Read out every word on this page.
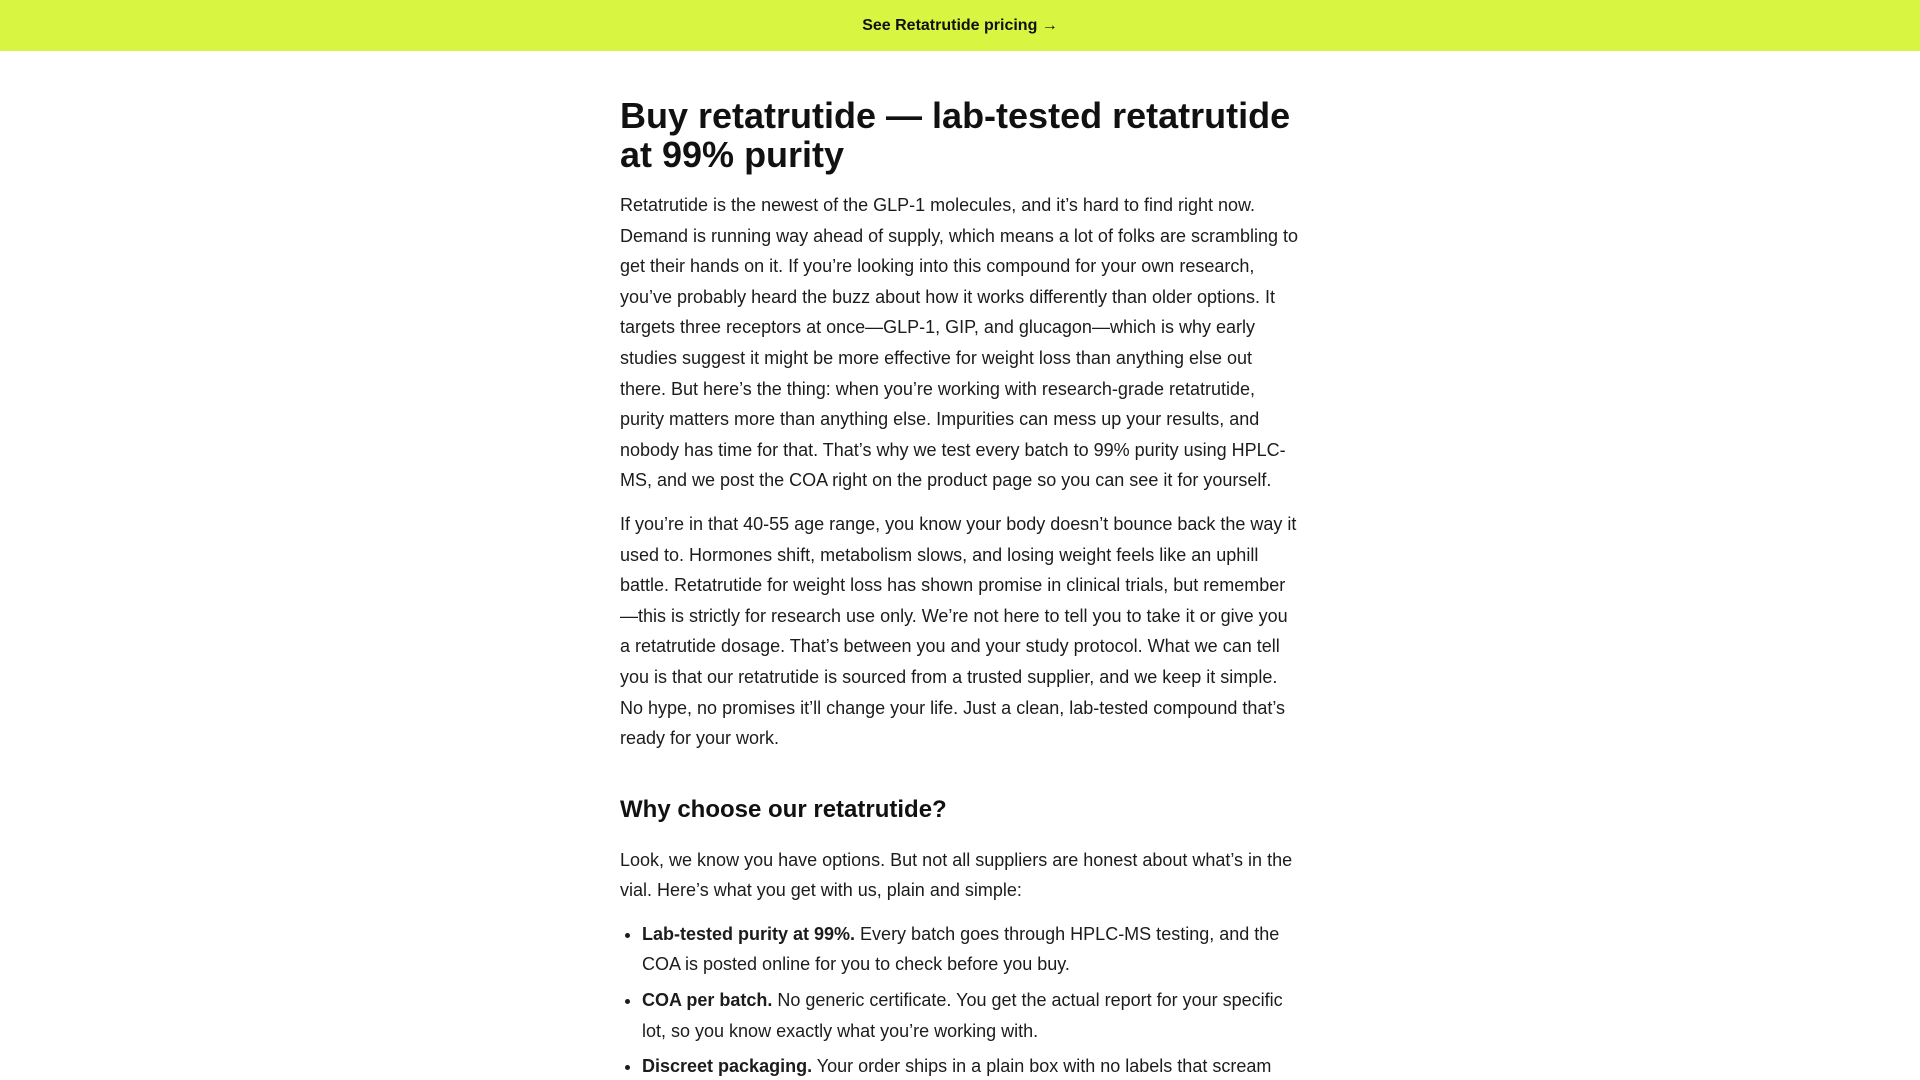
See Retatrutide pricing →
Buy retatrutide — lab-tested retatrutide at 99% purity

Retatrutide is the newest of the GLP-1 molecules, and it’s hard to find right now. Demand is running way ahead of supply, which means a lot of folks are scrambling to get their hands on it. If you’re looking into this compound for your own research, you’ve probably heard the buzz about how it works differently than older options. It targets three receptors at once—GLP-1, GIP, and glucagon—which is why early studies suggest it might be more effective for weight loss than anything else out there. But here’s the thing: when you’re working with research-grade retatrutide, purity matters more than anything else. Impurities can mess up your results, and nobody has time for that. That’s why we test every batch to 99% purity using HPLC-MS, and we post the COA right on the product page so you can see it for yourself.

If you’re in that 40-55 age range, you know your body doesn’t bounce back the way it used to. Hormones shift, metabolism slows, and losing weight feels like an uphill battle. Retatrutide for weight loss has shown promise in clinical trials, but remember—this is strictly for research use only. We’re not here to tell you to take it or give you a retatrutide dosage. That’s between you and your study protocol. What we can tell you is that our retatrutide is sourced from a trusted supplier, and we keep it simple. No hype, no promises it’ll change your life. Just a clean, lab-tested compound that’s ready for your work.

Why choose our retatrutide?

Look, we know you have options. But not all suppliers are honest about what’s in the vial. Here’s what you get with us, plain and simple:

• Lab-tested purity at 99%. Every batch goes through HPLC-MS testing, and the COA is posted online for you to check before you buy.
• COA per batch. No generic certificate. You get the actual report for your specific lot, so you know exactly what you’re working with.
• Discreet packaging. Your order ships in a plain box with no labels that scream
